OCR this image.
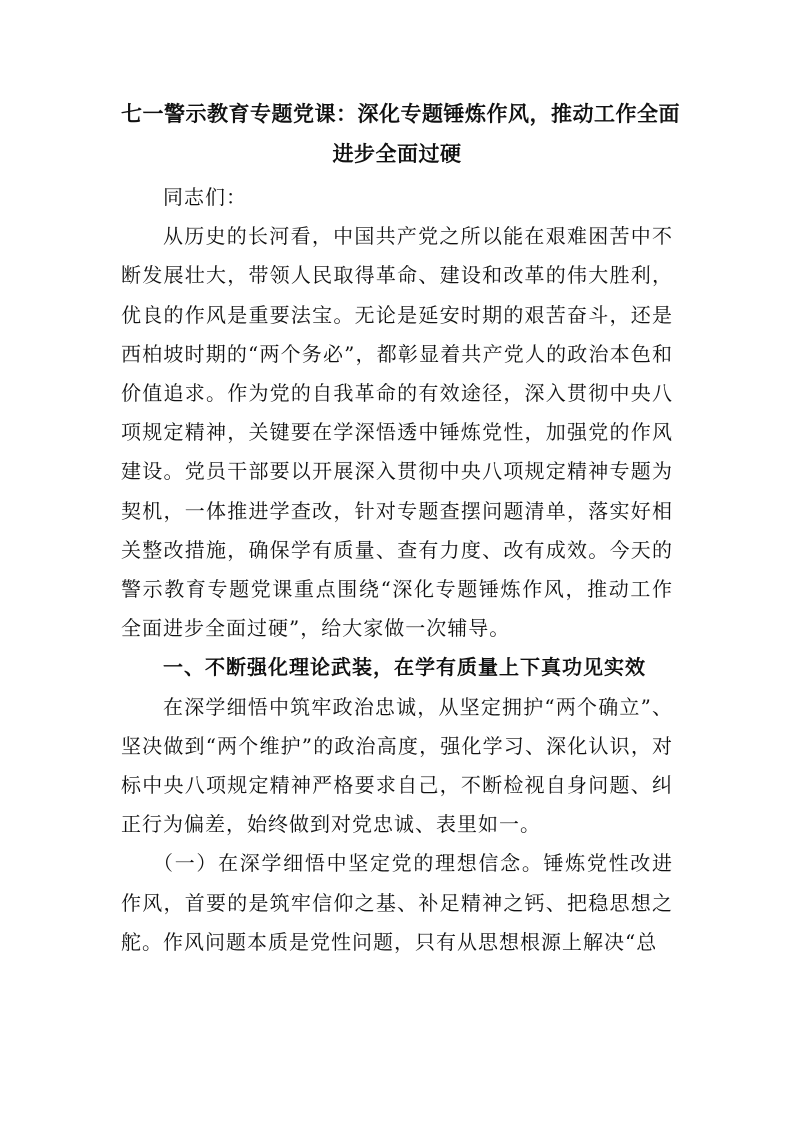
七一警示教育专题党课：深化专题锤炼作风，推动工作全面
进步全面过硬

同志们：

从历史的长河看，中国共产党之所以能在艰难困苦中不断发展壮大，带领人民取得革命、建设和改革的伟大胜利，优良的作风是重要法宝。无论是延安时期的艰苦奋斗，还是西柏坡时期的“两个务必”，都彰显着共产党人的政治本色和价值追求。作为党的自我革命的有效途径，深入贯彻中央八项规定精神，关键要在学深悟透中锤炼党性，加强党的作风建设。党员干部要以开展深入贯彻中央八项规定精神专题为契机，一体推进学查改，针对专题查摆问题清单，落实好相关整改措施，确保学有质量、查有力度、改有成效。今天的警示教育专题党课重点围绕“深化专题锤炼作风，推动工作全面进步全面过硬”，给大家做一次辅导。

一、不断强化理论武装，在学有质量上下真功见实效

在深学细悟中筑牢政治忠诚，从坚定拥护“两个确立”、坚决做到“两个维护”的政治高度，强化学习、深化认识，对标中央八项规定精神严格要求自己，不断检视自身问题、纠正行为偏差，始终做到对党忠诚、表里如一。

（一）在深学细悟中坚定党的理想信念。锤炼党性改进作风，首要的是筑牢信仰之基、补足精神之钙、把稳思想之舵。作风问题本质是党性问题，只有从思想根源上解决“总
